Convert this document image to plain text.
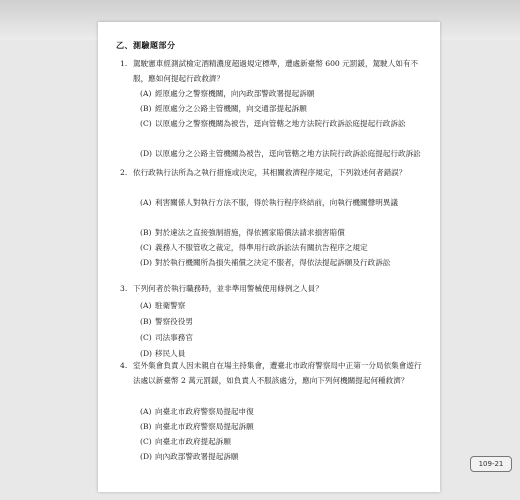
乙、測驗題部分
1. 駕駛憲車經測試檢定酒精濃度超過規定標準，遭處新臺幣 600 元罰鍰，駕駛人如有不服，應如何提起行政救濟？
(A) 經原處分之警察機關，向內政部警政署提起訴願
(B) 經原處分之公路主管機關，向交通部提起訴願
(C) 以原處分之警察機關為被告，逕向管轄之地方法院行政訴訟庭提起行政訴訟
(D) 以原處分之公路主管機關為被告，逕向管轄之地方法院行政訴訟庭提起行政訴訟
2. 依行政執行法所為之執行措施或決定，其相關救濟程序規定，下列敘述何者錯誤？
(A) 利害關係人對執行方法不服，得於執行程序終結前，向執行機關聲明異議
(B) 對於違法之直接強制措施，得依國家賠償法請求損害賠償
(C) 義務人不服管收之裁定，得準用行政訴訟法有關抗告程序之規定
(D) 對於執行機關所為損失補償之決定不服者，得依法提起訴願及行政訴訟
3. 下列何者於執行職務時，並非準用警械使用條例之人員？
(A) 駐衛警察
(B) 警察役役男
(C) 司法事務官
(D) 移民人員
4. 室外集會負責人因未親自在場主持集會，遭臺北市政府警察局中正第一分局依集會遊行法處以新臺幣 2 萬元罰鍰，如負責人不服該處分，應向下列何機關提起何種救濟？
(A) 向臺北市政府警察局提起申復
(B) 向臺北市政府警察局提起訴願
(C) 向臺北市政府提起訴願
(D) 向內政部警政署提起訴願
109-21
